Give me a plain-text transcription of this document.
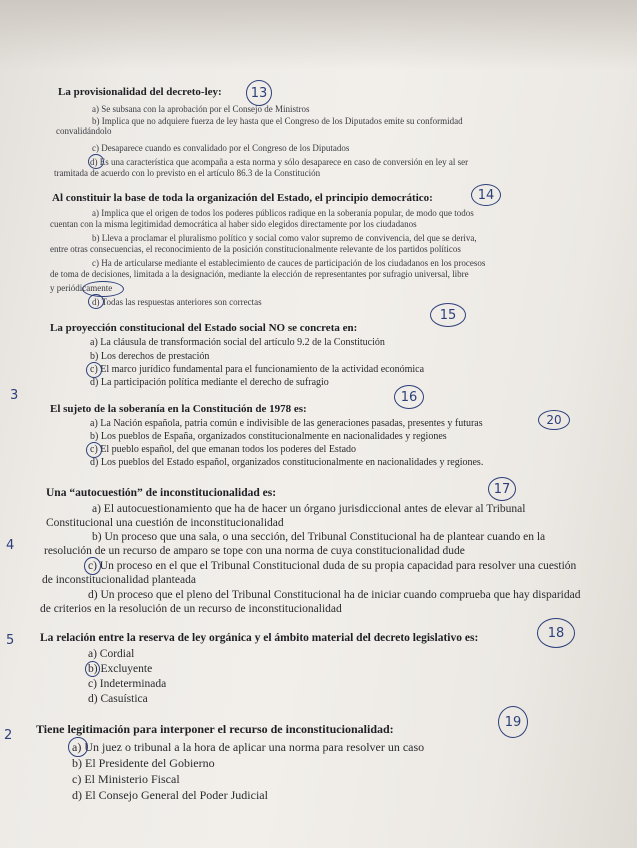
La provisionalidad del decreto-ley:	13
a) Se subsana con la aprobación por el Consejo de Ministros
b) Implica que no adquiere fuerza de ley hasta que el Congreso de los Diputados emite su conformidad
convalidándolo
c) Desaparece cuando es convalidado por el Congreso de los Diputados
d) Es una característica que acompaña a esta norma y sólo desaparece en caso de conversión en ley al ser
tramitada de acuerdo con lo previsto en el artículo 86.3 de la Constitución
Al constituir la base de toda la organización del Estado, el principio democrático:	14
a) Implica que el origen de todos los poderes públicos radique en la soberanía popular, de modo que todos
cuentan con la misma legitimidad democrática al haber sido elegidos directamente por los ciudadanos
b) Lleva a proclamar el pluralismo político y social como valor supremo de convivencia, del que se deriva,
entre otras consecuencias, el reconocimiento de la posición constitucionalmente relevante de los partidos políticos
c) Ha de articularse mediante el establecimiento de cauces de participación de los ciudadanos en los procesos
de toma de decisiones, limitada a la designación, mediante la elección de representantes por sufragio universal, libre
y periódicamente
d) Todas las respuestas anteriores son correctas
La proyección constitucional del Estado social NO se concreta en:
15
a) La cláusula de transformación social del artículo 9.2 de la Constitución
b) Los derechos de prestación
c) El marco jurídico fundamental para el funcionamiento de la actividad económica
d) La participación política mediante el derecho de sufragio
El sujeto de la soberanía en la Constitución de 1978 es:
16
a) La Nación española, patria común e indivisible de las generaciones pasadas, presentes y futuras	20
b) Los pueblos de España, organizados constitucionalmente en nacionalidades y regiones
c) El pueblo español, del que emanan todos los poderes del Estado
d) Los pueblos del Estado español, organizados constitucionalmente en nacionalidades y regiones.
Una “autocuestión” de inconstitucionalidad es:	17
a) El autocuestionamiento que ha de hacer un órgano jurisdiccional antes de elevar al Tribunal
Constitucional una cuestión de inconstitucionalidad
b) Un proceso que una sala, o una sección, del Tribunal Constitucional ha de plantear cuando en la
resolución de un recurso de amparo se tope con una norma de cuya constitucionalidad dude
c) Un proceso en el que el Tribunal Constitucional duda de su propia capacidad para resolver una cuestión
de inconstitucionalidad planteada
d) Un proceso que el pleno del Tribunal Constitucional ha de iniciar cuando comprueba que hay disparidad
de criterios en la resolución de un recurso de inconstitucionalidad
La relación entre la reserva de ley orgánica y el ámbito material del decreto legislativo es:	18
a) Cordial
b) Excluyente
c) Indeterminada
d) Casuística
Tiene legitimación para interponer el recurso de inconstitucionalidad:	19
a) Un juez o tribunal a la hora de aplicar una norma para resolver un caso
b) El Presidente del Gobierno
c) El Ministerio Fiscal
d) El Consejo General del Poder Judicial
3
4
5
2
